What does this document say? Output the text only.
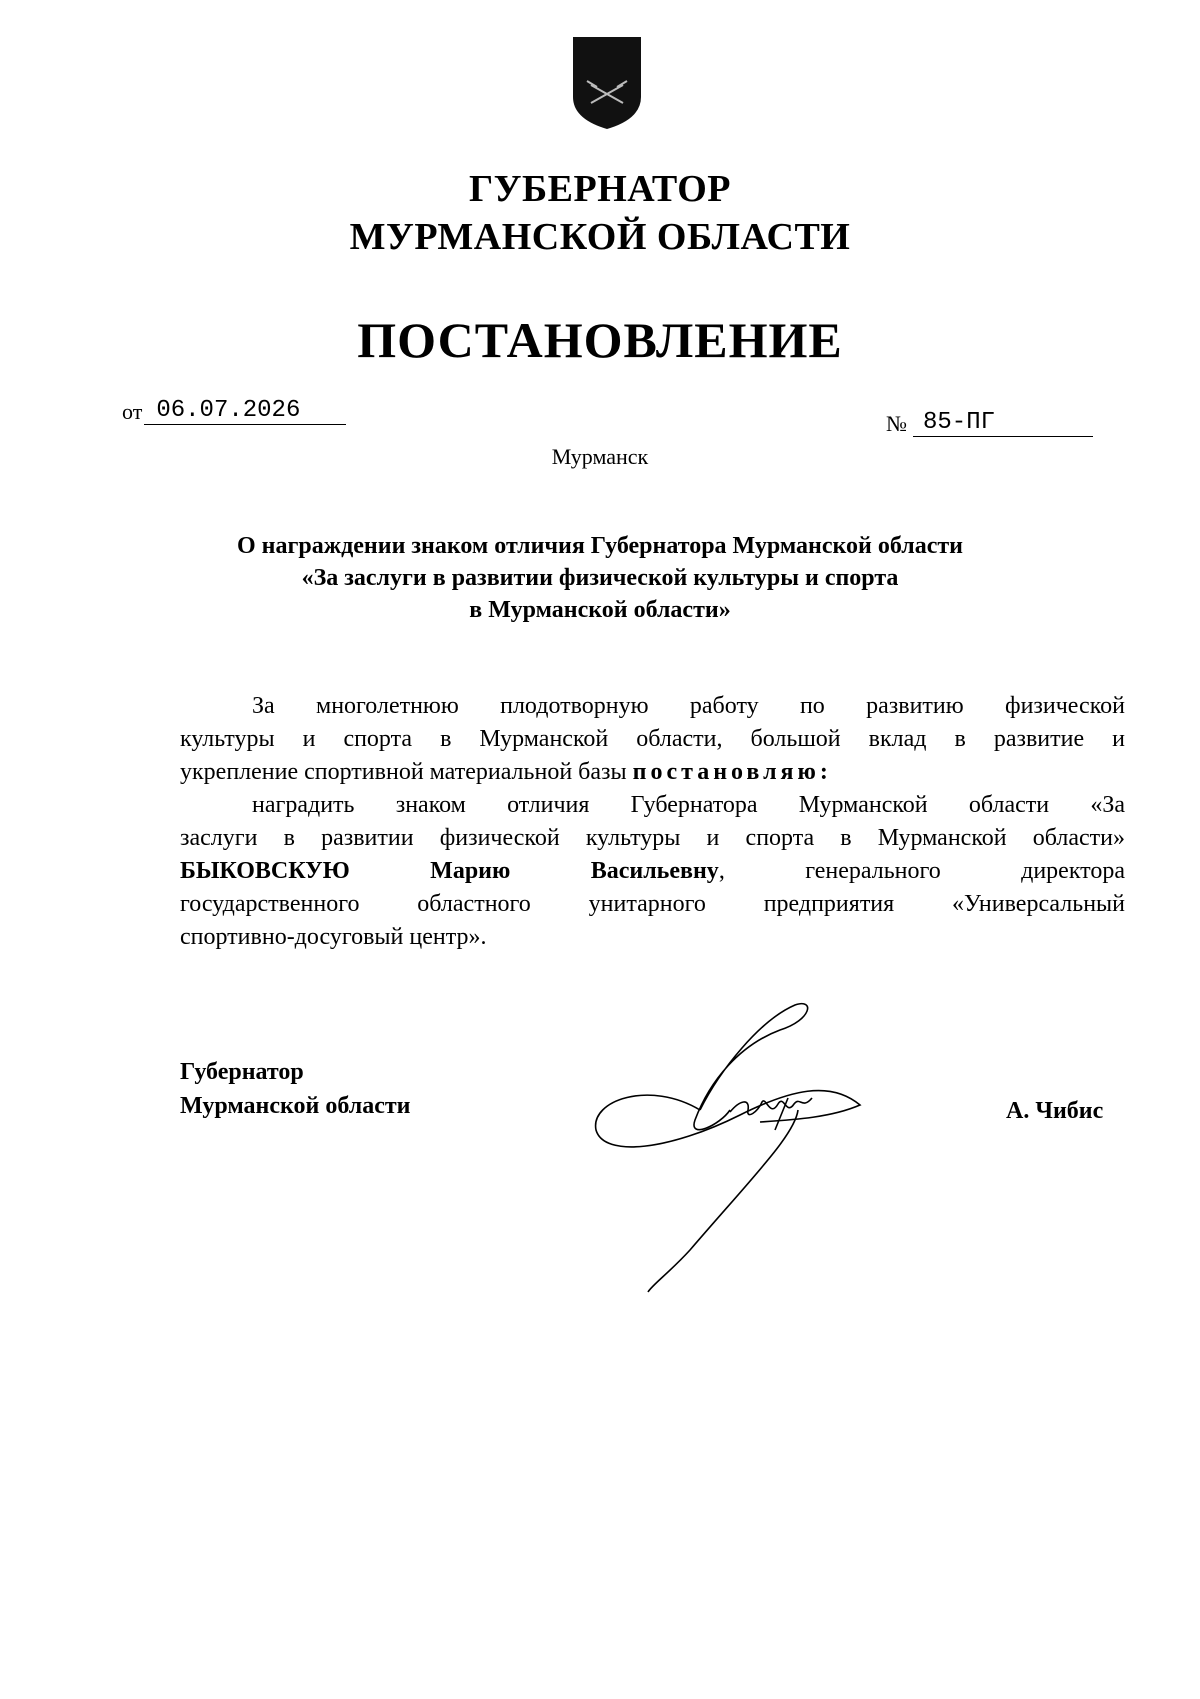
ГУБЕРНАТОР
МУРМАНСКОЙ ОБЛАСТИ
ПОСТАНОВЛЕНИЕ
от 06.07.2026	№ 85-ПГ
Мурманск
О награждении знаком отличия Губернатора Мурманской области
«За заслуги в развитии физической культуры и спорта
в Мурманской области»
За многолетнюю плодотворную работу по развитию физической
культуры и спорта в Мурманской области, большой вклад в развитие и
укрепление спортивной материальной базы постановляю:
наградить знаком отличия Губернатора Мурманской области «За
заслуги в развитии физической культуры и спорта в Мурманской области»
БЫКОВСКУЮ Марию Васильевну, генерального директора
государственного областного унитарного предприятия «Универсальный
спортивно-досуговый центр».
Губернатор
Мурманской области	А. Чибис
